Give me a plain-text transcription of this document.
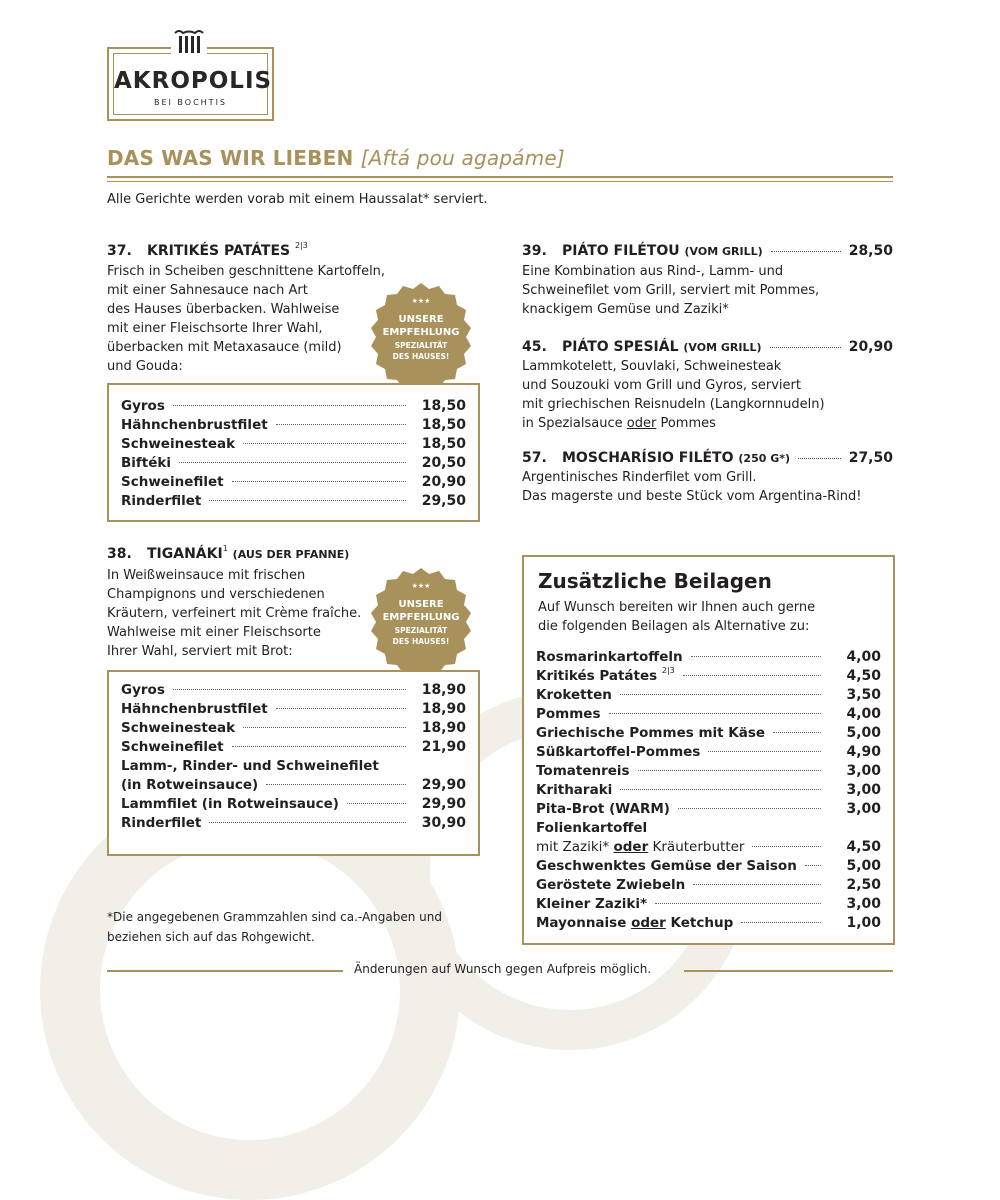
AKROPOLIS
BEI BOCHTIS
DAS WAS WIR LIEBEN [Aftá pou agapáme]
Alle Gerichte werden vorab mit einem Haussalat* serviert.
37. KRITIKÉS PATÁTES $^{2|3}$
Frisch in Scheiben geschnittene Kartoffeln,
mit einer Sahnesauce nach Art
des Hauses überbacken. Wahlweise
mit einer Fleischsorte Ihrer Wahl,
überbacken mit Metaxasauce (mild)
und Gouda:
★★★
UNSERE
EMPFEHLUNG
SPEZIALITÄT
DES HAUSES!
Gyros	18,50
Hähnchenbrustfilet	18,50
Schweinesteak	18,50
Biftéki	20,50
Schweinefilet	20,90
Rinderfilet	29,50
38. TIGANÁKI$^1$ (AUS DER PFANNE)
In Weißweinsauce mit frischen
Champignons und verschiedenen
Kräutern, verfeinert mit Crème fraîche.
Wahlweise mit einer Fleischsorte
Ihrer Wahl, serviert mit Brot:
★★★
UNSERE
EMPFEHLUNG
SPEZIALITÄT
DES HAUSES!
Gyros	18,90
Hähnchenbrustfilet	18,90
Schweinesteak	18,90
Schweinefilet	21,90
Lamm-, Rinder- und Schweinefilet
(in Rotweinsauce)	29,90
Lammfilet (in Rotweinsauce)	29,90
Rinderfilet	30,90
39. PIÁTO FILÉTOU (VOM GRILL)	28,50
Eine Kombination aus Rind-, Lamm- und
Schweinefilet vom Grill, serviert mit Pommes,
knackigem Gemüse und Zaziki*
45. PIÁTO SPESIÁL (VOM GRILL)	20,90
Lammkotelett, Souvlaki, Schweinesteak
und Souzouki vom Grill und Gyros, serviert
mit griechischen Reisnudeln (Langkornnudeln)
in Spezialsauce oder Pommes
57. MOSCHARÍSIO FILÉTO (250 G*)	27,50
Argentinisches Rinderfilet vom Grill.
Das magerste und beste Stück vom Argentina-Rind!
Zusätzliche Beilagen
Auf Wunsch bereiten wir Ihnen auch gerne
die folgenden Beilagen als Alternative zu:
Rosmarinkartoffeln	4,00
Kritikés Patátes $^{2|3}$	4,50
Kroketten	3,50
Pommes	4,00
Griechische Pommes mit Käse	5,00
Süßkartoffel-Pommes	4,90
Tomatenreis	3,00
Kritharaki	3,00
Pita-Brot (WARM)	3,00
Folienkartoffel
mit Zaziki* oder Kräuterbutter	4,50
Geschwenktes Gemüse der Saison	5,00
Geröstete Zwiebeln	2,50
Kleiner Zaziki*	3,00
Mayonnaise oder Ketchup	1,00
*Die angegebenen Grammzahlen sind ca.-Angaben und
beziehen sich auf das Rohgewicht.
Änderungen auf Wunsch gegen Aufpreis möglich.
